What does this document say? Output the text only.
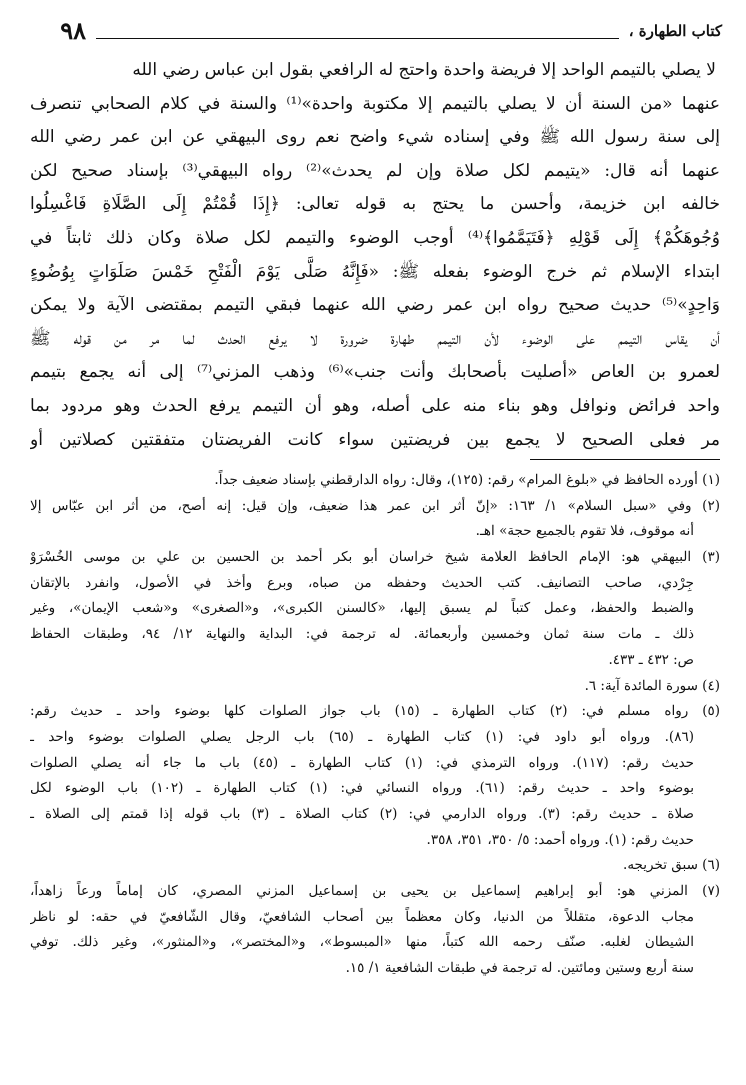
كتاب الطهارة ،
٩٨
لا يصلي بالتيمم الواحد إلا فريضة واحدة واحتج له الرافعي بقول ابن عباس رضي الله
عنهما «من السنة أن لا يصلي بالتيمم إلا مكتوبة واحدة»⁽¹⁾ والسنة في كلام الصحابي تنصرف
إلى سنة رسول الله ﷺ وفي إسناده شيء واضح نعم روى البيهقي عن ابن عمر رضي الله
عنهما أنه قال: «يتيمم لكل صلاة وإن لم يحدث»⁽²⁾ رواه البيهقي⁽³⁾ بإسناد صحيح لكن
خالفه ابن خزيمة، وأحسن ما يحتج به قوله تعالى: ﴿إِذَا قُمْتُمْ إِلَى الصَّلَاةِ فَاغْسِلُوا
وُجُوهَكُمْ﴾ إِلَى قَوْلِهِ ﴿فَتَيَمَّمُوا﴾⁽⁴⁾ أوجب الوضوء والتيمم لكل صلاة وكان ذلك ثابتاً في
ابتداء الإسلام ثم خرج الوضوء بفعله ﷺ: «فَإِنَّهُ صَلَّى يَوْمَ الْفَتْحِ خَمْسَ صَلَوَاتٍ بِوُضُوءٍ
وَاحِدٍ»⁽⁵⁾ حديث صحيح رواه ابن عمر رضي الله عنهما فبقي التيمم بمقتضى الآية ولا يمكن
أن يقاس التيمم على الوضوء لأن التيمم طهارة ضرورة لا يرفع الحدث لما مر من قوله ﷺ
لعمرو بن العاص «أصليت بأصحابك وأنت جنب»⁽⁶⁾ وذهب المزني⁽⁷⁾ إلى أنه يجمع بتيمم
واحد فرائض ونوافل وهو بناء منه على أصله، وهو أن التيمم يرفع الحدث وهو مردود بما
مر فعلى الصحيح لا يجمع بين فريضتين سواء كانت الفريضتان متفقتين كصلاتين أو
(١) أورده الحافظ في «بلوغ المرام» رقم: (١٢٥)، وقال: رواه الدارقطني بإسناد ضعيف جداً.
(٢) وفي «سبل السلام» ١/ ١٦٣: «إنّ أثر ابن عمر هذا ضعيف، وإن قيل: إنه أصح، من أثر ابن عبّاس إلا
أنه موقوف، فلا تقوم بالجميع حجة» اهـ.
(٣) البيهقي هو: الإمام الحافظ العلامة شيخ خراسان أبو بكر أحمد بن الحسين بن علي بن موسى الخُسْرَوْ
جِرْدي، صاحب التصانيف. كتب الحديث وحفظه من صباه، وبرع وأخذ في الأصول، وانفرد بالإتقان
والضبط والحفظ، وعمل كتباً لم يسبق إليها، «كالسنن الكبرى»، و«الصغرى» و«شعب الإيمان»، وغير
ذلك ـ مات سنة ثمان وخمسين وأربعمائة. له ترجمة في: البداية والنهاية ١٢/ ٩٤، وطبقات الحفاظ
ص: ٤٣٢ ـ ٤٣٣.
(٤) سورة المائدة آية: ٦.
(٥) رواه مسلم في: (٢) كتاب الطهارة ـ (١٥) باب جواز الصلوات كلها بوضوء واحد ـ حديث رقم:
(٨٦). ورواه أبو داود في: (١) كتاب الطهارة ـ (٦٥) باب الرجل يصلي الصلوات بوضوء واحد ـ
حديث رقم: (١١٧). ورواه الترمذي في: (١) كتاب الطهارة ـ (٤٥) باب ما جاء أنه يصلي الصلوات
بوضوء واحد ـ حديث رقم: (٦١). ورواه النسائي في: (١) كتاب الطهارة ـ (١٠٢) باب الوضوء لكل
صلاة ـ حديث رقم: (٣). ورواه الدارمي في: (٢) كتاب الصلاة ـ (٣) باب قوله إذا قمتم إلى الصلاة ـ
حديث رقم: (١). ورواه أحمد: ٥/ ٣٥٠، ٣٥١، ٣٥٨.
(٦) سبق تخريجه.
(٧) المزني هو: أبو إبراهيم إسماعيل بن يحيى بن إسماعيل المزني المصري، كان إماماً ورعاً زاهداً،
مجاب الدعوة، متقللاً من الدنيا، وكان معظماً بين أصحاب الشافعيّ، وقال الشّافعيّ في حقه: لو ناظر
الشيطان لغلبه. صنّف رحمه الله كتباً، منها «المبسوط»، و«المختصر»، و«المنثور»، وغير ذلك. توفي
سنة أربع وستين ومائتين. له ترجمة في طبقات الشافعية ١/ ١٥.
